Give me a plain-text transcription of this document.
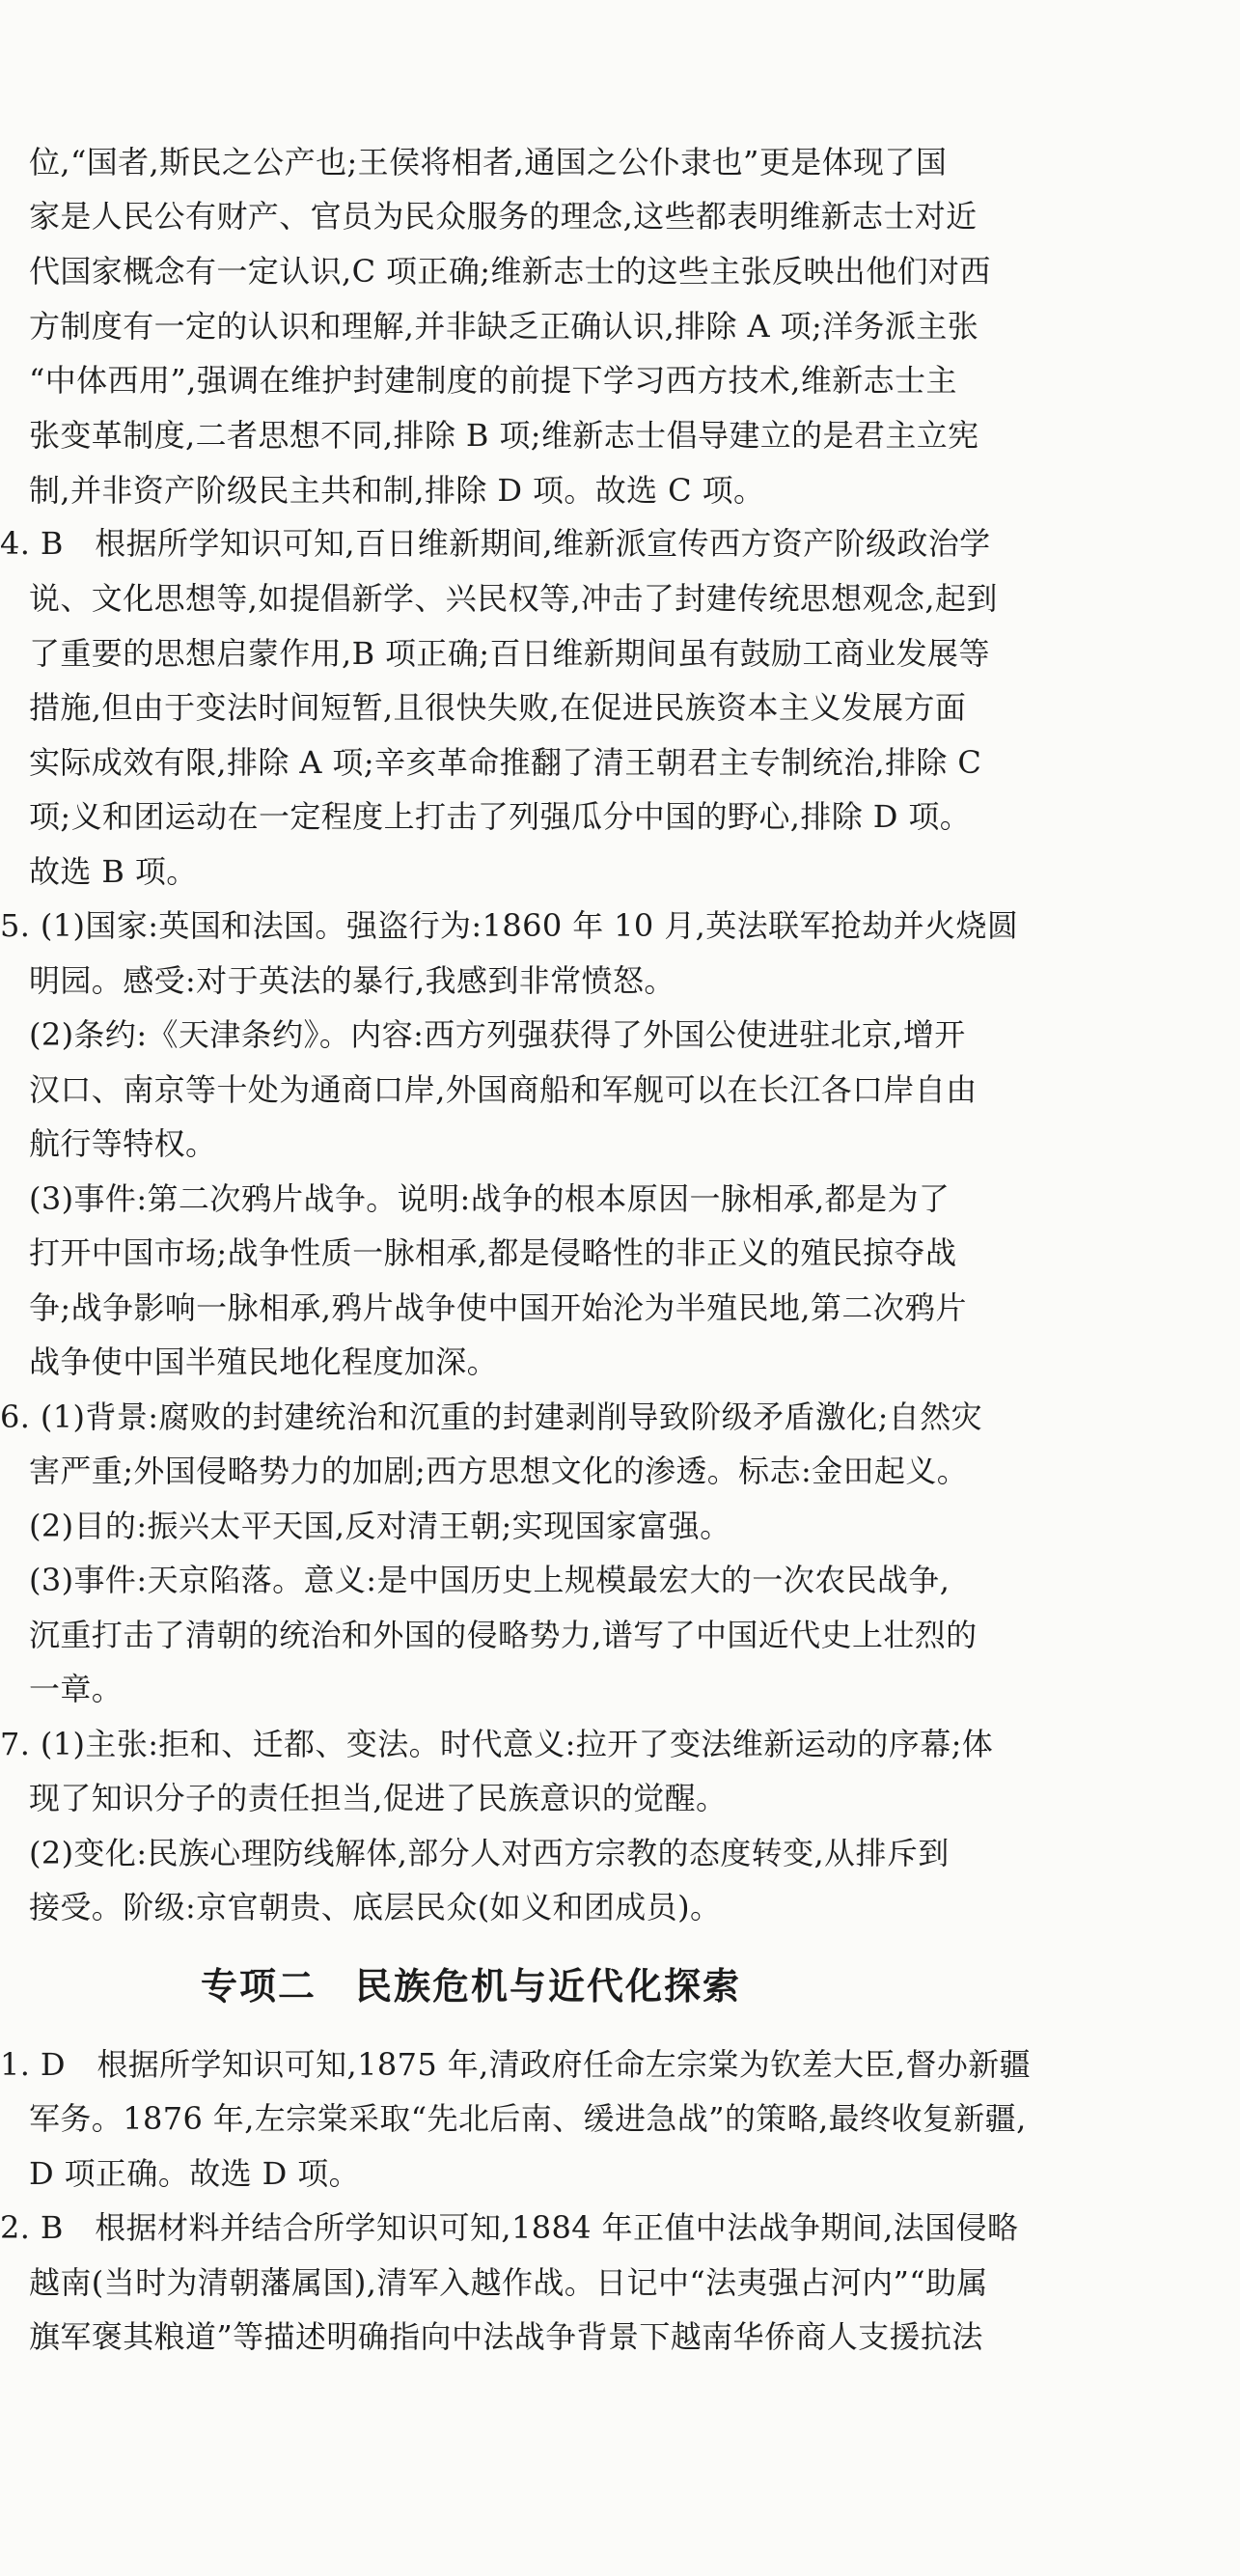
位,“国者,斯民之公产也;王侯将相者,通国之公仆隶也”更是体现了国
家是人民公有财产、官员为民众服务的理念,这些都表明维新志士对近
代国家概念有一定认识,C 项正确;维新志士的这些主张反映出他们对西
方制度有一定的认识和理解,并非缺乏正确认识,排除 A 项;洋务派主张
“中体西用”,强调在维护封建制度的前提下学习西方技术,维新志士主
张变革制度,二者思想不同,排除 B 项;维新志士倡导建立的是君主立宪
制,并非资产阶级民主共和制,排除 D 项。故选 C 项。
4. B　根据所学知识可知,百日维新期间,维新派宣传西方资产阶级政治学
说、文化思想等,如提倡新学、兴民权等,冲击了封建传统思想观念,起到
了重要的思想启蒙作用,B 项正确;百日维新期间虽有鼓励工商业发展等
措施,但由于变法时间短暂,且很快失败,在促进民族资本主义发展方面
实际成效有限,排除 A 项;辛亥革命推翻了清王朝君主专制统治,排除 C
项;义和团运动在一定程度上打击了列强瓜分中国的野心,排除 D 项。
故选 B 项。
5. (1)国家:英国和法国。强盗行为:1860 年 10 月,英法联军抢劫并火烧圆
明园。感受:对于英法的暴行,我感到非常愤怒。
(2)条约:《天津条约》。内容:西方列强获得了外国公使进驻北京,增开
汉口、南京等十处为通商口岸,外国商船和军舰可以在长江各口岸自由
航行等特权。
(3)事件:第二次鸦片战争。说明:战争的根本原因一脉相承,都是为了
打开中国市场;战争性质一脉相承,都是侵略性的非正义的殖民掠夺战
争;战争影响一脉相承,鸦片战争使中国开始沦为半殖民地,第二次鸦片
战争使中国半殖民地化程度加深。
6. (1)背景:腐败的封建统治和沉重的封建剥削导致阶级矛盾激化;自然灾
害严重;外国侵略势力的加剧;西方思想文化的渗透。标志:金田起义。
(2)目的:振兴太平天国,反对清王朝;实现国家富强。
(3)事件:天京陷落。意义:是中国历史上规模最宏大的一次农民战争,
沉重打击了清朝的统治和外国的侵略势力,谱写了中国近代史上壮烈的
一章。
7. (1)主张:拒和、迁都、变法。时代意义:拉开了变法维新运动的序幕;体
现了知识分子的责任担当,促进了民族意识的觉醒。
(2)变化:民族心理防线解体,部分人对西方宗教的态度转变,从排斥到
接受。阶级:京官朝贵、底层民众(如义和团成员)。
专项二　民族危机与近代化探索
1. D　根据所学知识可知,1875 年,清政府任命左宗棠为钦差大臣,督办新疆
军务。1876 年,左宗棠采取“先北后南、缓进急战”的策略,最终收复新疆,
D 项正确。故选 D 项。
2. B　根据材料并结合所学知识可知,1884 年正值中法战争期间,法国侵略
越南(当时为清朝藩属国),清军入越作战。日记中“法夷强占河内”“助属
旗军褒其粮道”等描述明确指向中法战争背景下越南华侨商人支援抗法
